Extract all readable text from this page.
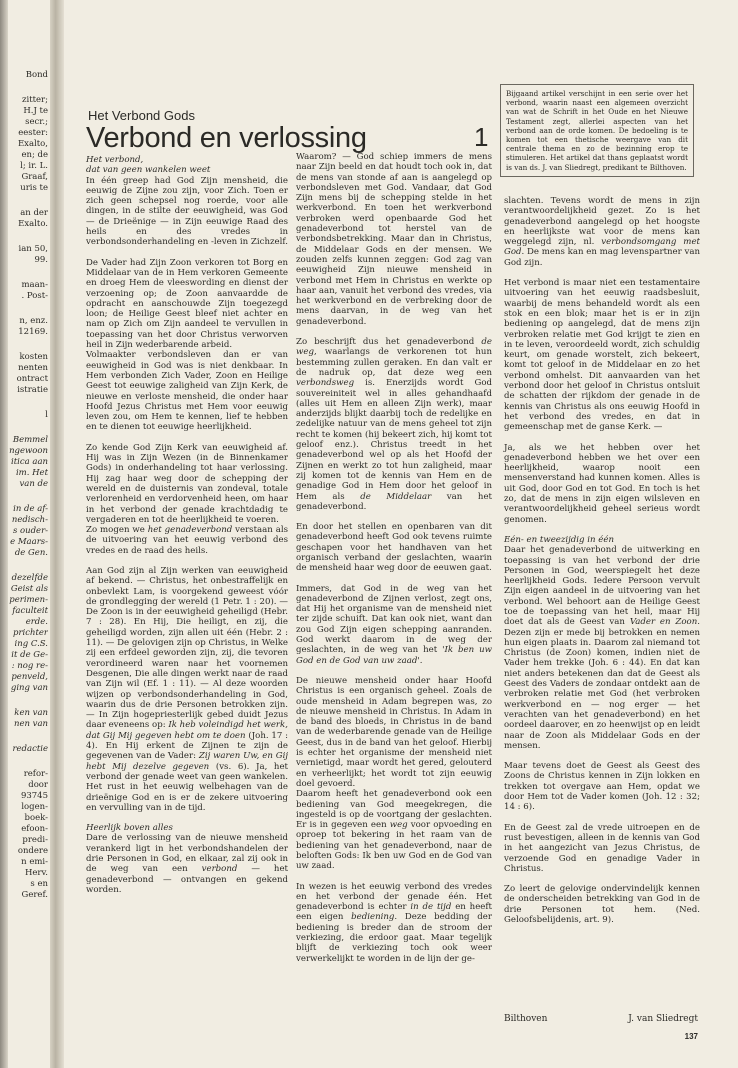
Bond
zitter;
H.J te
secr.;
eester:
Exalto,
en; de
l; ir. L.
Graaf,
uris te
an der
Exalto.
ian 50,
99.
maan-
. Post-
n, enz.
12169.
kosten
nenten
ontract
istratie
l
Bemmel
ngewoon
itica aan
im. Het
van de
in de af-
nedisch-
s ouder-
e Maars-
de Gen.
dezelfde
Geist als
perimen-
faculteit
erde.
prichter
ing C.S.
it de Ge-
: nog re-
penveld,
ging van
ken van
nen van
redactie
refor-
door
93745
logen-
boek-
efoon-
predi-
ondere
n emi-
Herv.
s en
Geref.
Het Verbond Gods
Verbond en verlossing	1
Bijgaand artikel verschijnt in een serie over het verbond, waarin naast een algemeen overzicht van wat de Schrift in het Oude en het Nieuwe Testament zegt, allerlei aspecten van het verbond aan de orde komen. De bedoeling is te komen tot een thetische weergave van dit centrale thema en zo de bezinning erop te stimuleren. Het artikel dat thans geplaatst wordt is van ds. J. van Sliedregt, predikant te Bilthoven.

Het verbond,
dat van geen wankelen weet
In één greep had God Zijn mensheid, die eeuwig de Zijne zou zijn, voor Zich. Toen er zich geen schepsel nog roerde, voor alle dingen, in de stilte der eeuwigheid, was God — de Drieënige — in Zijn eeuwige Raad des heils en des vredes in verbondsonderhandeling en -leven in Zichzelf.

De Vader had Zijn Zoon verkoren tot Borg en Middelaar van de in Hem verkoren Gemeente en droeg Hem de vleeswording en dienst der verzoening op; de Zoon aanvaardde de opdracht en aanschouwde Zijn toegezegd loon; de Heilige Geest bleef niet achter en nam op Zich om Zijn aandeel te vervullen in toepassing van het door Christus verworven heil in Zijn wederbarende arbeid.

Volmaakter verbondsleven dan er van eeuwigheid in God was is niet denkbaar. In Hem verbonden Zich Vader, Zoon en Heilige Geest tot eeuwige zaligheid van Zijn Kerk, de nieuwe en verloste mensheid, die onder haar Hoofd Jezus Christus met Hem voor eeuwig leven zou, om Hem te kennen, lief te hebben en te dienen tot eeuwige heerlijkheid.

Zo kende God Zijn Kerk van eeuwigheid af. Hij was in Zijn Wezen (in de Binnenkamer Gods) in onderhandeling tot haar verlossing. Hij zag haar weg door de schepping der wereld en de duisternis van zondeval, totale verlorenheid en verdorvenheid heen, om haar in het verbond der genade krachtdadig te vergaderen en tot de heerlijkheid te voeren.

Zo mogen we het genadeverbond verstaan als de uitvoering van het eeuwig verbond des vredes en de raad des heils.

Aan God zijn al Zijn werken van eeuwigheid af bekend. — Christus, het onbestraffelijk en onbevlekt Lam, is voorgekend geweest vóór de grondlegging der wereld (1 Petr. 1 : 20). — De Zoon is in der eeuwigheid geheiligd (Hebr. 7 : 28). En Hij, Die heiligt, en zij, die geheiligd worden, zijn allen uit één (Hebr. 2 : 11). — De gelovigen zijn op Christus, in Welke zij een erfdeel geworden zijn, zij, die tevoren verordineerd waren naar het voornemen Desgenen, Die alle dingen werkt naar de raad van Zijn wil (Ef. 1 : 11). — Al deze woorden wijzen op verbondsonderhandeling in God, waarin dus de drie Personen betrokken zijn. — In Zijn hogepriesterlijk gebed duidt Jezus daar eveneens op: Ik heb voleindigd het werk, dat Gij Mij gegeven hebt om te doen (Joh. 17 : 4). En Hij erkent de Zijnen te zijn de gegevenen van de Vader: Zij waren Uw, en Gij hebt Mij dezelve gegeven (vs. 6). Ja, het verbond der genade weet van geen wankelen. Het rust in het eeuwig welbehagen van de drieënige God en is er de zekere uitvoering en vervulling van in de tijd.

Heerlijk boven alles
Dare de verlossing van de nieuwe mensheid verankerd ligt in het verbondshandelen der drie Personen in God, en elkaar, zal zij ook in de weg van een verbond — het genadeverbond — ontvangen en gekend worden.

Waarom? — God schiep immers de mens naar Zijn beeld en dat houdt toch ook in, dat de mens van stonde af aan is aangelegd op verbondsleven met God. Vandaar, dat God Zijn mens bij de schepping stelde in het werkverbond. En toen het werkverbond verbroken werd openbaarde God het genadeverbond tot herstel van de verbondsbetrekking. Maar dan in Christus, de Middelaar Gods en der mensen. We zouden zelfs kunnen zeggen: God zag van eeuwigheid Zijn nieuwe mensheid in verbond met Hem in Christus en werkte op haar aan, vanuit het verbond des vredes, via het werkverbond en de verbreking door de mens daarvan, in de weg van het genadeverbond.

Zo beschrijft dus het genadeverbond de weg, waarlangs de verkorenen tot hun bestemming zullen geraken. En dan valt er de nadruk op, dat deze weg een verbondsweg is. Enerzijds wordt God souvereiniteit wel in alles gehandhaafd (alles uit Hem en alleen Zijn werk), maar anderzijds blijkt daarbij toch de redelijke en zedelijke natuur van de mens geheel tot zijn recht te komen (hij bekeert zich, hij komt tot geloof enz.). Christus treedt in het genadeverbond wel op als het Hoofd der Zijnen en werkt zo tot hun zaligheid, maar zij komen tot de kennis van Hem en de genadige God in Hem door het geloof in Hem als de Middelaar van het genadeverbond.

En door het stellen en openbaren van dit genadeverbond heeft God ook tevens ruimte geschapen voor het handhaven van het organisch verband der geslachten, waarin de mensheid haar weg door de eeuwen gaat.

Immers, dat God in de weg van het genadeverbond de Zijnen verlost, zegt ons, dat Hij het organisme van de mensheid niet ter zijde schuift. Dat kan ook niet, want dan zou God Zijn eigen schepping aanranden. God werkt daarom in de weg der geslachten, in de weg van het 'Ik ben uw God en de God van uw zaad'.

De nieuwe mensheid onder haar Hoofd Christus is een organisch geheel. Zoals de oude mensheid in Adam begrepen was, zo de nieuwe mensheid in Christus. In Adam in de band des bloeds, in Christus in de band van de wederbarende genade van de Heilige Geest, dus in de band van het geloof. Hierbij is echter het organisme der mensheid niet vernietigd, maar wordt het gered, gelouterd en verheerlijkt; het wordt tot zijn eeuwig doel gevoerd.

Daarom heeft het genadeverbond ook een bediening van God meegekregen, die ingesteld is op de voortgang der geslachten. Er is in gegeven een weg voor opvoeding en oproep tot bekering in het raam van de bediening van het genadeverbond, naar de beloften Gods: Ik ben uw God en de God van uw zaad.

In wezen is het eeuwig verbond des vredes en het verbond der genade één. Het genadeverbond is echter in de tijd en heeft een eigen bediening. Deze bedding der bediening is breder dan de stroom der verkiezing, die erdoor gaat. Maar tegelijk blijft de verkiezing toch ook weer verwerkelijkt te worden in de lijn der ge-

slachten. Tevens wordt de mens in zijn verantwoordelijkheid gezet. Zo is het genadeverbond aangelegd op het hoogste en heerlijkste wat voor de mens kan weggelegd zijn, nl. verbondsomgang met God. De mens kan en mag levenspartner van God zijn.

Het verbond is maar niet een testamentaire uitvoering van het eeuwig raadsbesluit, waarbij de mens behandeld wordt als een stok en een blok; maar het is er in zijn bediening op aangelegd, dat de mens zijn verbroken relatie met God krijgt te zien en in te leven, veroordeeld wordt, zich schuldig keurt, om genade worstelt, zich bekeert, komt tot geloof in de Middelaar en zo het verbond omhelst. Dit aanvaarden van het verbond door het geloof in Christus ontsluit de schatten der rijkdom der genade in de kennis van Christus als ons eeuwig Hoofd in het verbond des vredes, en dat in gemeenschap met de ganse Kerk. —

Ja, als we het hebben over het genadeverbond hebben we het over een heerlijkheid, waarop nooit een mensenverstand had kunnen komen. Alles is uit God, door God en tot God. En toch is het zo, dat de mens in zijn eigen wilsleven en verantwoordelijkheid geheel serieus wordt genomen.

Eén- en tweezijdig in één
Daar het genadeverbond de uitwerking en toepassing is van het verbond der drie Personen in God, weerspiegelt het deze heerlijkheid Gods. Iedere Persoon vervult Zijn eigen aandeel in de uitvoering van het verbond. Wel behoort aan de Heilige Geest toe de toepassing van het heil, maar Hij doet dat als de Geest van Vader en Zoon. Dezen zijn er mede bij betrokken en nemen hun eigen plaats in. Daarom zal niemand tot Christus (de Zoon) komen, indien niet de Vader hem trekke (Joh. 6 : 44). En dat kan niet anders betekenen dan dat de Geest als Geest des Vaders de zondaar ontdekt aan de verbroken relatie met God (het verbroken werkverbond en — nog erger — het verachten van het genadeverbond) en het oordeel daarover, en zo heenwijst op en leidt naar de Zoon als Middelaar Gods en der mensen.

Maar tevens doet de Geest als Geest des Zoons de Christus kennen in Zijn lokken en trekken tot overgave aan Hem, opdat we door Hem tot de Vader komen (Joh. 12 : 32; 14 : 6).

En de Geest zal de vrede uitroepen en de rust bevestigen, alleen in de kennis van God in het aangezicht van Jezus Christus, de verzoende God en genadige Vader in Christus.

Zo leert de gelovige ondervindelijk kennen de onderscheiden betrekking van God in de drie Personen tot hem. (Ned. Geloofsbelijdenis, art. 9).

Bilthoven	J. van Sliedregt
137
